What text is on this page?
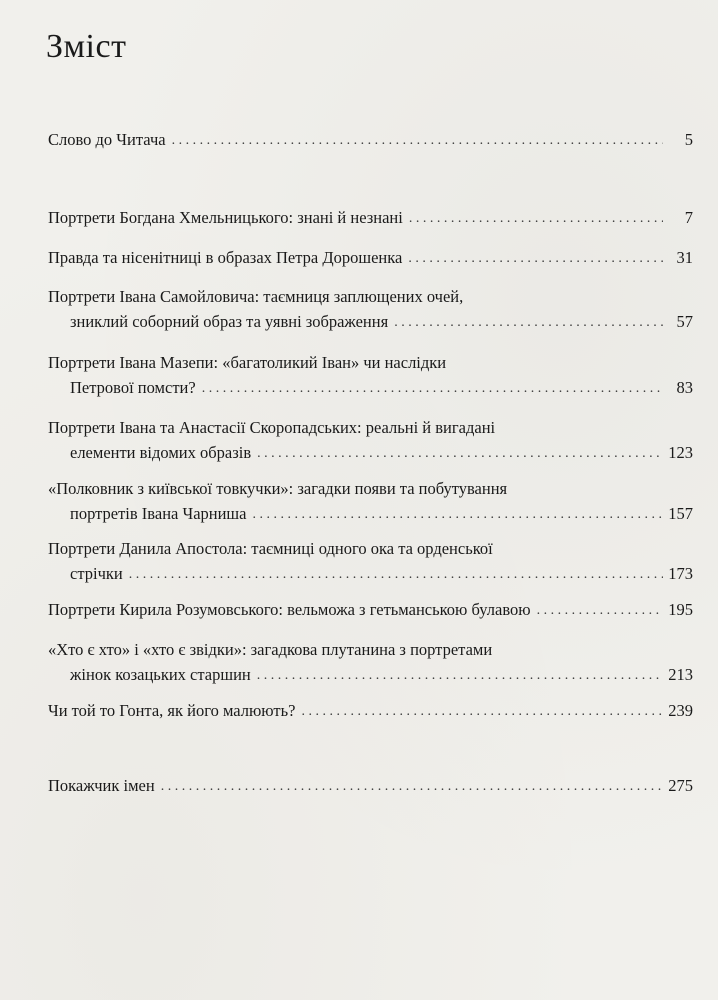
Зміст
Слово до Читача . . .	5
Портрети Богдана Хмельницького: знані й незнані . . .	7
Правда та нісенітниці в образах Петра Дорошенка . . .	31
Портрети Івана Самойловича: таємниця заплющених очей,
зниклий соборний образ та уявні зображення . . .	57
Портрети Івана Мазепи: «багатоликий Іван» чи наслідки
Петрової помсти? . . .	83
Портрети Івана та Анастасії Скоропадських: реальні й вигадані
елементи відомих образів . . .	123
«Полковник з київської товкучки»: загадки появи та побутування
портретів Івана Чарниша . . .	157
Портрети Данила Апостола: таємниці одного ока та орденської
стрічки . . .	173
Портрети Кирила Розумовського: вельможа з гетьманською булавою . . .	195
«Хто є хто» і «хто є звідки»: загадкова плутанина з портретами
жінок козацьких старшин . . .	213
Чи той то Гонта, як його малюють? . . .	239
Покажчик імен . . .	275
